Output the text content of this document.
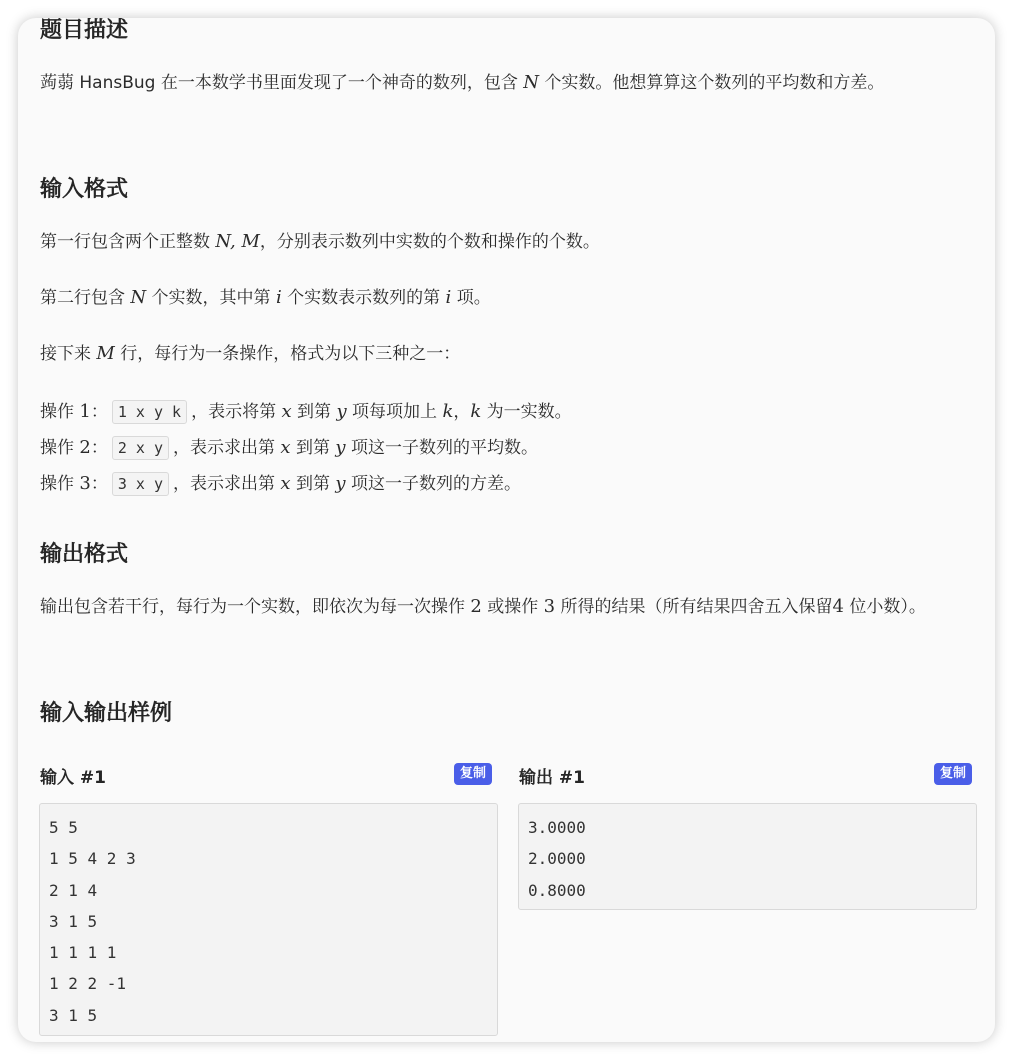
题目描述

蒟蒻 HansBug 在一本数学书里面发现了一个神奇的数列，包含 N 个实数。他想算算这个数列的平均数和方差。

输入格式

第一行包含两个正整数 N, M，分别表示数列中实数的个数和操作的个数。

第二行包含 N 个实数，其中第 i 个实数表示数列的第 i 项。

接下来 M 行，每行为一条操作，格式为以下三种之一：

操作 1： 1 x y k ，表示将第 x 到第 y 项每项加上 k，k 为一实数。
操作 2： 2 x y ，表示求出第 x 到第 y 项这一子数列的平均数。
操作 3： 3 x y ，表示求出第 x 到第 y 项这一子数列的方差。
输出格式

输出包含若干行，每行为一个实数，即依次为每一次操作 2 或操作 3 所得的结果（所有结果四舍五入保留4 位小数）。

输入输出样例
输入 #1	复制	输出 #1	复制
5 5
1 5 4 2 3
2 1 4
3 1 5
1 1 1 1
1 2 2 -1
3 1 5
3.0000
2.0000
0.8000
